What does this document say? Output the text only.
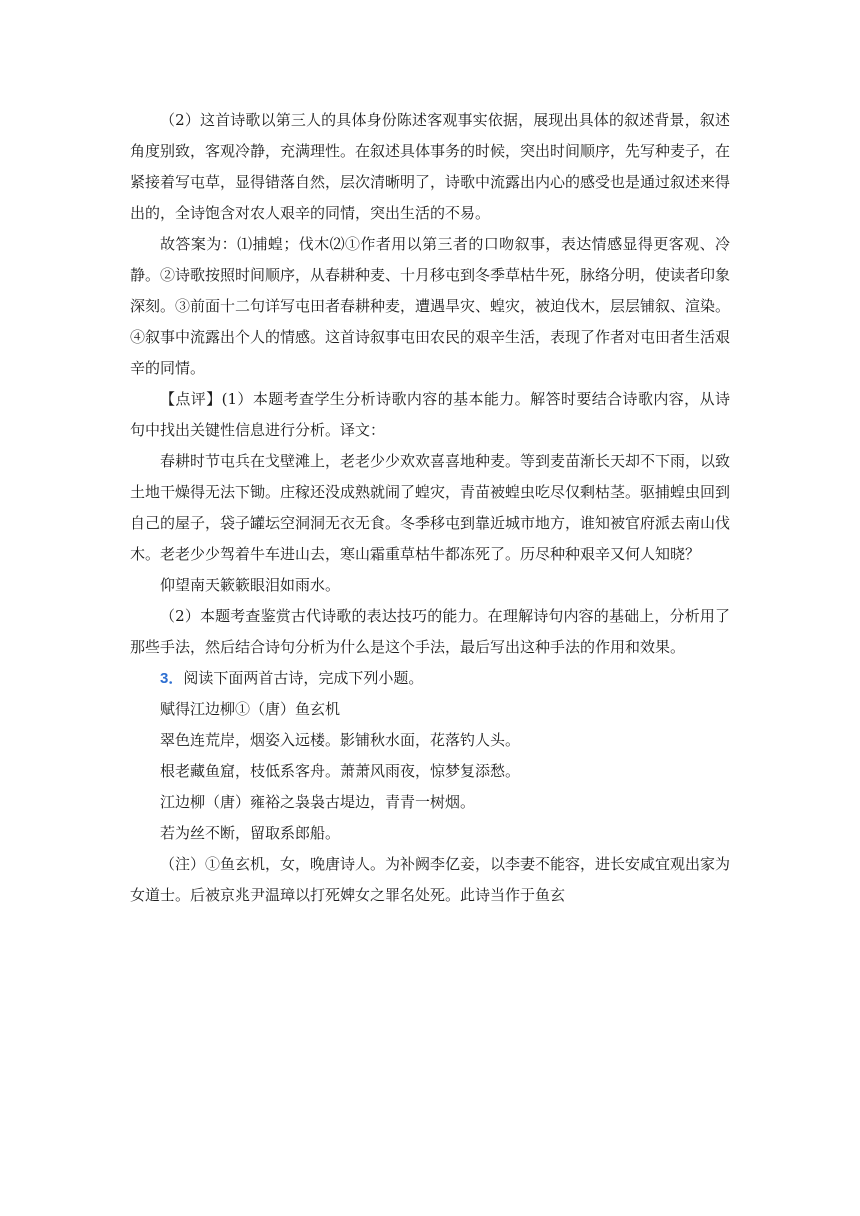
（2）这首诗歌以第三人的具体身份陈述客观事实依据，展现出具体的叙述背景，叙述角度别致，客观冷静，充满理性。在叙述具体事务的时候，突出时间顺序，先写种麦子，在紧接着写屯草，显得错落自然，层次清晰明了，诗歌中流露出内心的感受也是通过叙述来得出的，全诗饱含对农人艰辛的同情，突出生活的不易。

故答案为：⑴捕蝗；伐木⑵①作者用以第三者的口吻叙事，表达情感显得更客观、冷静。②诗歌按照时间顺序，从春耕种麦、十月移屯到冬季草枯牛死，脉络分明，使读者印象深刻。③前面十二句详写屯田者春耕种麦，遭遇旱灾、蝗灾，被迫伐木，层层铺叙、渲染。④叙事中流露出个人的情感。这首诗叙事屯田农民的艰辛生活，表现了作者对屯田者生活艰辛的同情。

【点评】(1）本题考查学生分析诗歌内容的基本能力。解答时要结合诗歌内容，从诗句中找出关键性信息进行分析。译文：

春耕时节屯兵在戈壁滩上，老老少少欢欢喜喜地种麦。等到麦苗渐长天却不下雨，以致土地干燥得无法下锄。庄稼还没成熟就闹了蝗灾，青苗被蝗虫吃尽仅剩枯茎。驱捕蝗虫回到自己的屋子，袋子罐坛空洞洞无衣无食。冬季移屯到靠近城市地方，谁知被官府派去南山伐木。老老少少驾着牛车进山去，寒山霜重草枯牛都冻死了。历尽种种艰辛又何人知晓？

仰望南天簌簌眼泪如雨水。

（2）本题考查鉴赏古代诗歌的表达技巧的能力。在理解诗句内容的基础上，分析用了那些手法，然后结合诗句分析为什么是这个手法，最后写出这种手法的作用和效果。

3．阅读下面两首古诗，完成下列小题。

赋得江边柳①（唐）鱼玄机

翠色连荒岸，烟姿入远楼。影铺秋水面，花落钓人头。

根老藏鱼窟，枝低系客舟。萧萧风雨夜，惊梦复添愁。

江边柳（唐）雍裕之袅袅古堤边，青青一树烟。

若为丝不断，留取系郎船。

（注）①鱼玄机，女，晚唐诗人。为补阙李亿妾，以李妻不能容，进长安咸宜观出家为女道士。后被京兆尹温璋以打死婢女之罪名处死。此诗当作于鱼玄
